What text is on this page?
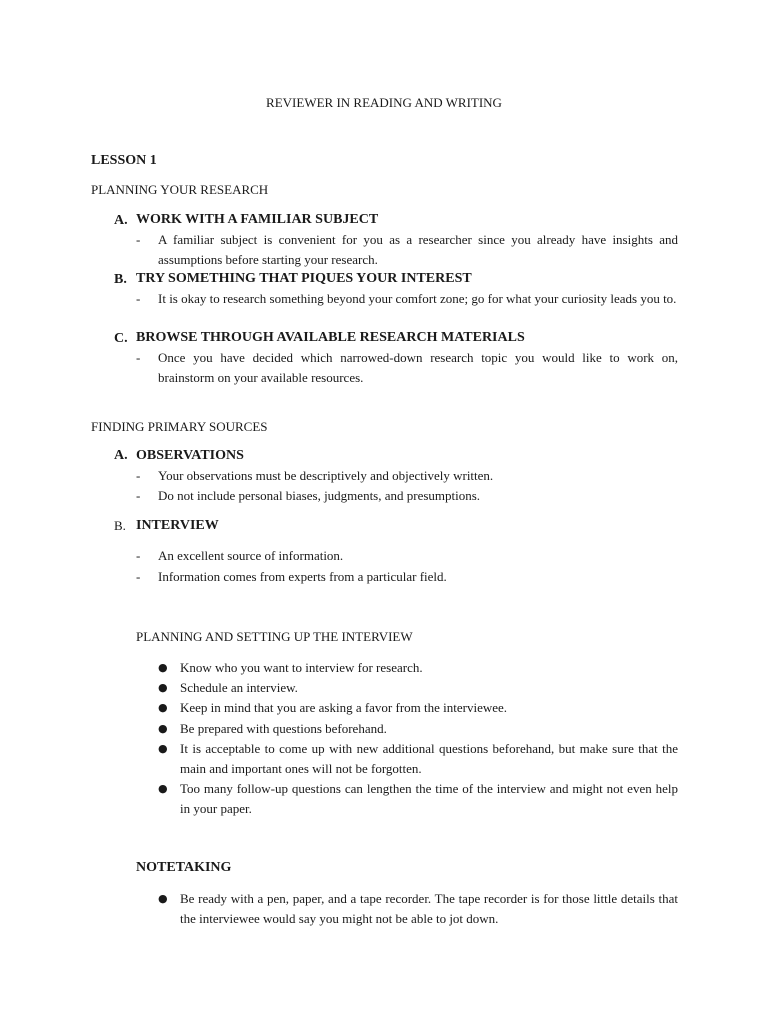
REVIEWER IN READING AND WRITING
LESSON 1
PLANNING YOUR RESEARCH
A. WORK WITH A FAMILIAR SUBJECT
- A familiar subject is convenient for you as a researcher since you already have insights and assumptions before starting your research.
B. TRY SOMETHING THAT PIQUES YOUR INTEREST
- It is okay to research something beyond your comfort zone; go for what your curiosity leads you to.
C. BROWSE THROUGH AVAILABLE RESEARCH MATERIALS
- Once you have decided which narrowed-down research topic you would like to work on, brainstorm on your available resources.
FINDING PRIMARY SOURCES
A. OBSERVATIONS
- Your observations must be descriptively and objectively written.
- Do not include personal biases, judgments, and presumptions.
B. INTERVIEW
- An excellent source of information.
- Information comes from experts from a particular field.
PLANNING AND SETTING UP THE INTERVIEW
● Know who you want to interview for research.
● Schedule an interview.
● Keep in mind that you are asking a favor from the interviewee.
● Be prepared with questions beforehand.
● It is acceptable to come up with new additional questions beforehand, but make sure that the main and important ones will not be forgotten.
● Too many follow-up questions can lengthen the time of the interview and might not even help in your paper.
NOTETAKING
● Be ready with a pen, paper, and a tape recorder. The tape recorder is for those little details that the interviewee would say you might not be able to jot down.
